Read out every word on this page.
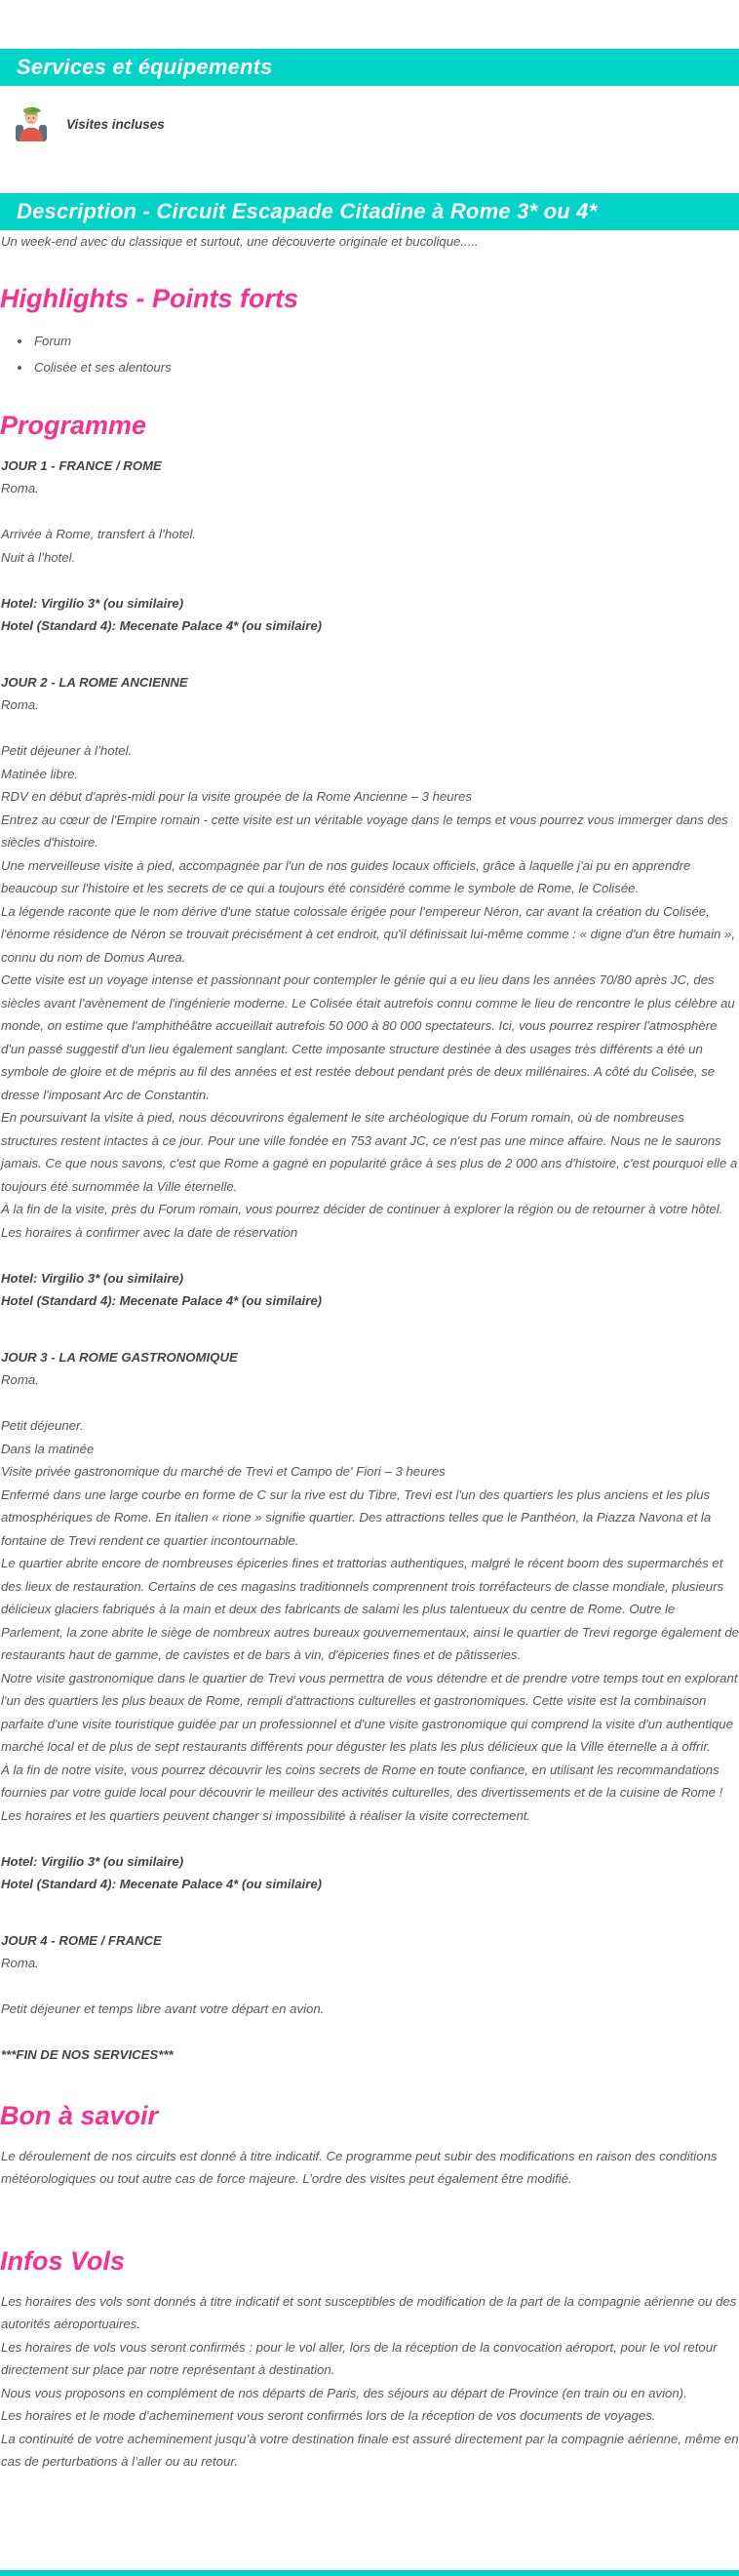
Services et équipements
Visites incluses
Description - Circuit Escapade Citadine à Rome 3* ou 4*

Un week-end avec du classique et surtout, une découverte originale et bucolique.....

Highlights - Points forts
• Forum
• Colisée et ses alentours
Programme
JOUR 1 - FRANCE / ROME
Roma.
Arrivée à Rome, transfert à l’hotel.
Nuit à l’hotel.
Hotel: Virgilio 3* (ou similaire)
Hotel (Standard 4): Mecenate Palace 4* (ou similaire)
JOUR 2 - LA ROME ANCIENNE
Roma.
Petit déjeuner à l’hotel.
Matinée libre.
RDV en début d'après-midi pour la visite groupée de la Rome Ancienne – 3 heures
Entrez au cœur de l'Empire romain - cette visite est un véritable voyage dans le temps et vous pourrez vous immerger dans des siècles d'histoire.
Une merveilleuse visite à pied, accompagnée par l'un de nos guides locaux officiels, grâce à laquelle j'ai pu en apprendre beaucoup sur l'histoire et les secrets de ce qui a toujours été considéré comme le symbole de Rome, le Colisée.
La légende raconte que le nom dérive d'une statue colossale érigée pour l’empereur Néron, car avant la création du Colisée, l'énorme résidence de Néron se trouvait précisément à cet endroit, qu'il définissait lui-même comme : « digne d'un être humain », connu du nom de Domus Aurea.
Cette visite est un voyage intense et passionnant pour contempler le génie qui a eu lieu dans les années 70/80 après JC, des siècles avant l'avènement de l'ingénierie moderne. Le Colisée était autrefois connu comme le lieu de rencontre le plus célèbre au monde, on estime que l'amphithéâtre accueillait autrefois 50 000 à 80 000 spectateurs. Ici, vous pourrez respirer l'atmosphère d'un passé suggestif d'un lieu également sanglant. Cette imposante structure destinée à des usages très différents a été un symbole de gloire et de mépris au fil des années et est restée debout pendant près de deux millénaires. A côté du Colisée, se dresse l'imposant Arc de Constantin.
En poursuivant la visite à pied, nous découvrirons également le site archéologique du Forum romain, où de nombreuses structures restent intactes à ce jour. Pour une ville fondée en 753 avant JC, ce n'est pas une mince affaire. Nous ne le saurons jamais. Ce que nous savons, c'est que Rome a gagné en popularité grâce à ses plus de 2 000 ans d'histoire, c'est pourquoi elle a toujours été surnommée la Ville éternelle.
À la fin de la visite, près du Forum romain, vous pourrez décider de continuer à explorer la région ou de retourner à votre hôtel.
Les horaires à confirmer avec la date de réservation
Hotel: Virgilio 3* (ou similaire)
Hotel (Standard 4): Mecenate Palace 4* (ou similaire)
JOUR 3 - LA ROME GASTRONOMIQUE
Roma.
Petit déjeuner.
Dans la matinée
Visite privée gastronomique du marché de Trevi et Campo de' Fiori – 3 heures
Enfermé dans une large courbe en forme de C sur la rive est du Tibre, Trevi est l'un des quartiers les plus anciens et les plus atmosphériques de Rome. En italien « rione » signifie quartier. Des attractions telles que le Panthéon, la Piazza Navona et la fontaine de Trevi rendent ce quartier incontournable.
Le quartier abrite encore de nombreuses épiceries fines et trattorias authentiques, malgré le récent boom des supermarchés et des lieux de restauration. Certains de ces magasins traditionnels comprennent trois torréfacteurs de classe mondiale, plusieurs délicieux glaciers fabriqués à la main et deux des fabricants de salami les plus talentueux du centre de Rome. Outre le Parlement, la zone abrite le siège de nombreux autres bureaux gouvernementaux, ainsi le quartier de Trevi regorge également de restaurants haut de gamme, de cavistes et de bars à vin, d'épiceries fines et de pâtisseries.
Notre visite gastronomique dans le quartier de Trevi vous permettra de vous détendre et de prendre votre temps tout en explorant l'un des quartiers les plus beaux de Rome, rempli d'attractions culturelles et gastronomiques. Cette visite est la combinaison parfaite d'une visite touristique guidée par un professionnel et d'une visite gastronomique qui comprend la visite d'un authentique marché local et de plus de sept restaurants différents pour déguster les plats les plus délicieux que la Ville éternelle a à offrir.
À la fin de notre visite, vous pourrez découvrir les coins secrets de Rome en toute confiance, en utilisant les recommandations fournies par votre guide local pour découvrir le meilleur des activités culturelles, des divertissements et de la cuisine de Rome !
Les horaires et les quartiers peuvent changer si impossibilité à réaliser la visite correctement.
Hotel: Virgilio 3* (ou similaire)
Hotel (Standard 4): Mecenate Palace 4* (ou similaire)
JOUR 4 - ROME / FRANCE
Roma.
Petit déjeuner et temps libre avant votre départ en avion.
***FIN DE NOS SERVICES***
Bon à savoir

Le déroulement de nos circuits est donné à titre indicatif. Ce programme peut subir des modifications en raison des conditions météorologiques ou tout autre cas de force majeure. L’ordre des visites peut également être modifié.

Infos Vols

Les horaires des vols sont donnés à titre indicatif et sont susceptibles de modification de la part de la compagnie aérienne ou des autorités aéroportuaires.

Les horaires de vols vous seront confirmés : pour le vol aller, lors de la réception de la convocation aéroport, pour le vol retour directement sur place par notre représentant à destination.

Nous vous proposons en complément de nos départs de Paris, des séjours au départ de Province (en train ou en avion).

Les horaires et le mode d’acheminement vous seront confirmés lors de la réception de vos documents de voyages.

La continuité de votre acheminement jusqu’à votre destination finale est assuré directement par la compagnie aérienne, même en cas de perturbations à l’aller ou au retour.
